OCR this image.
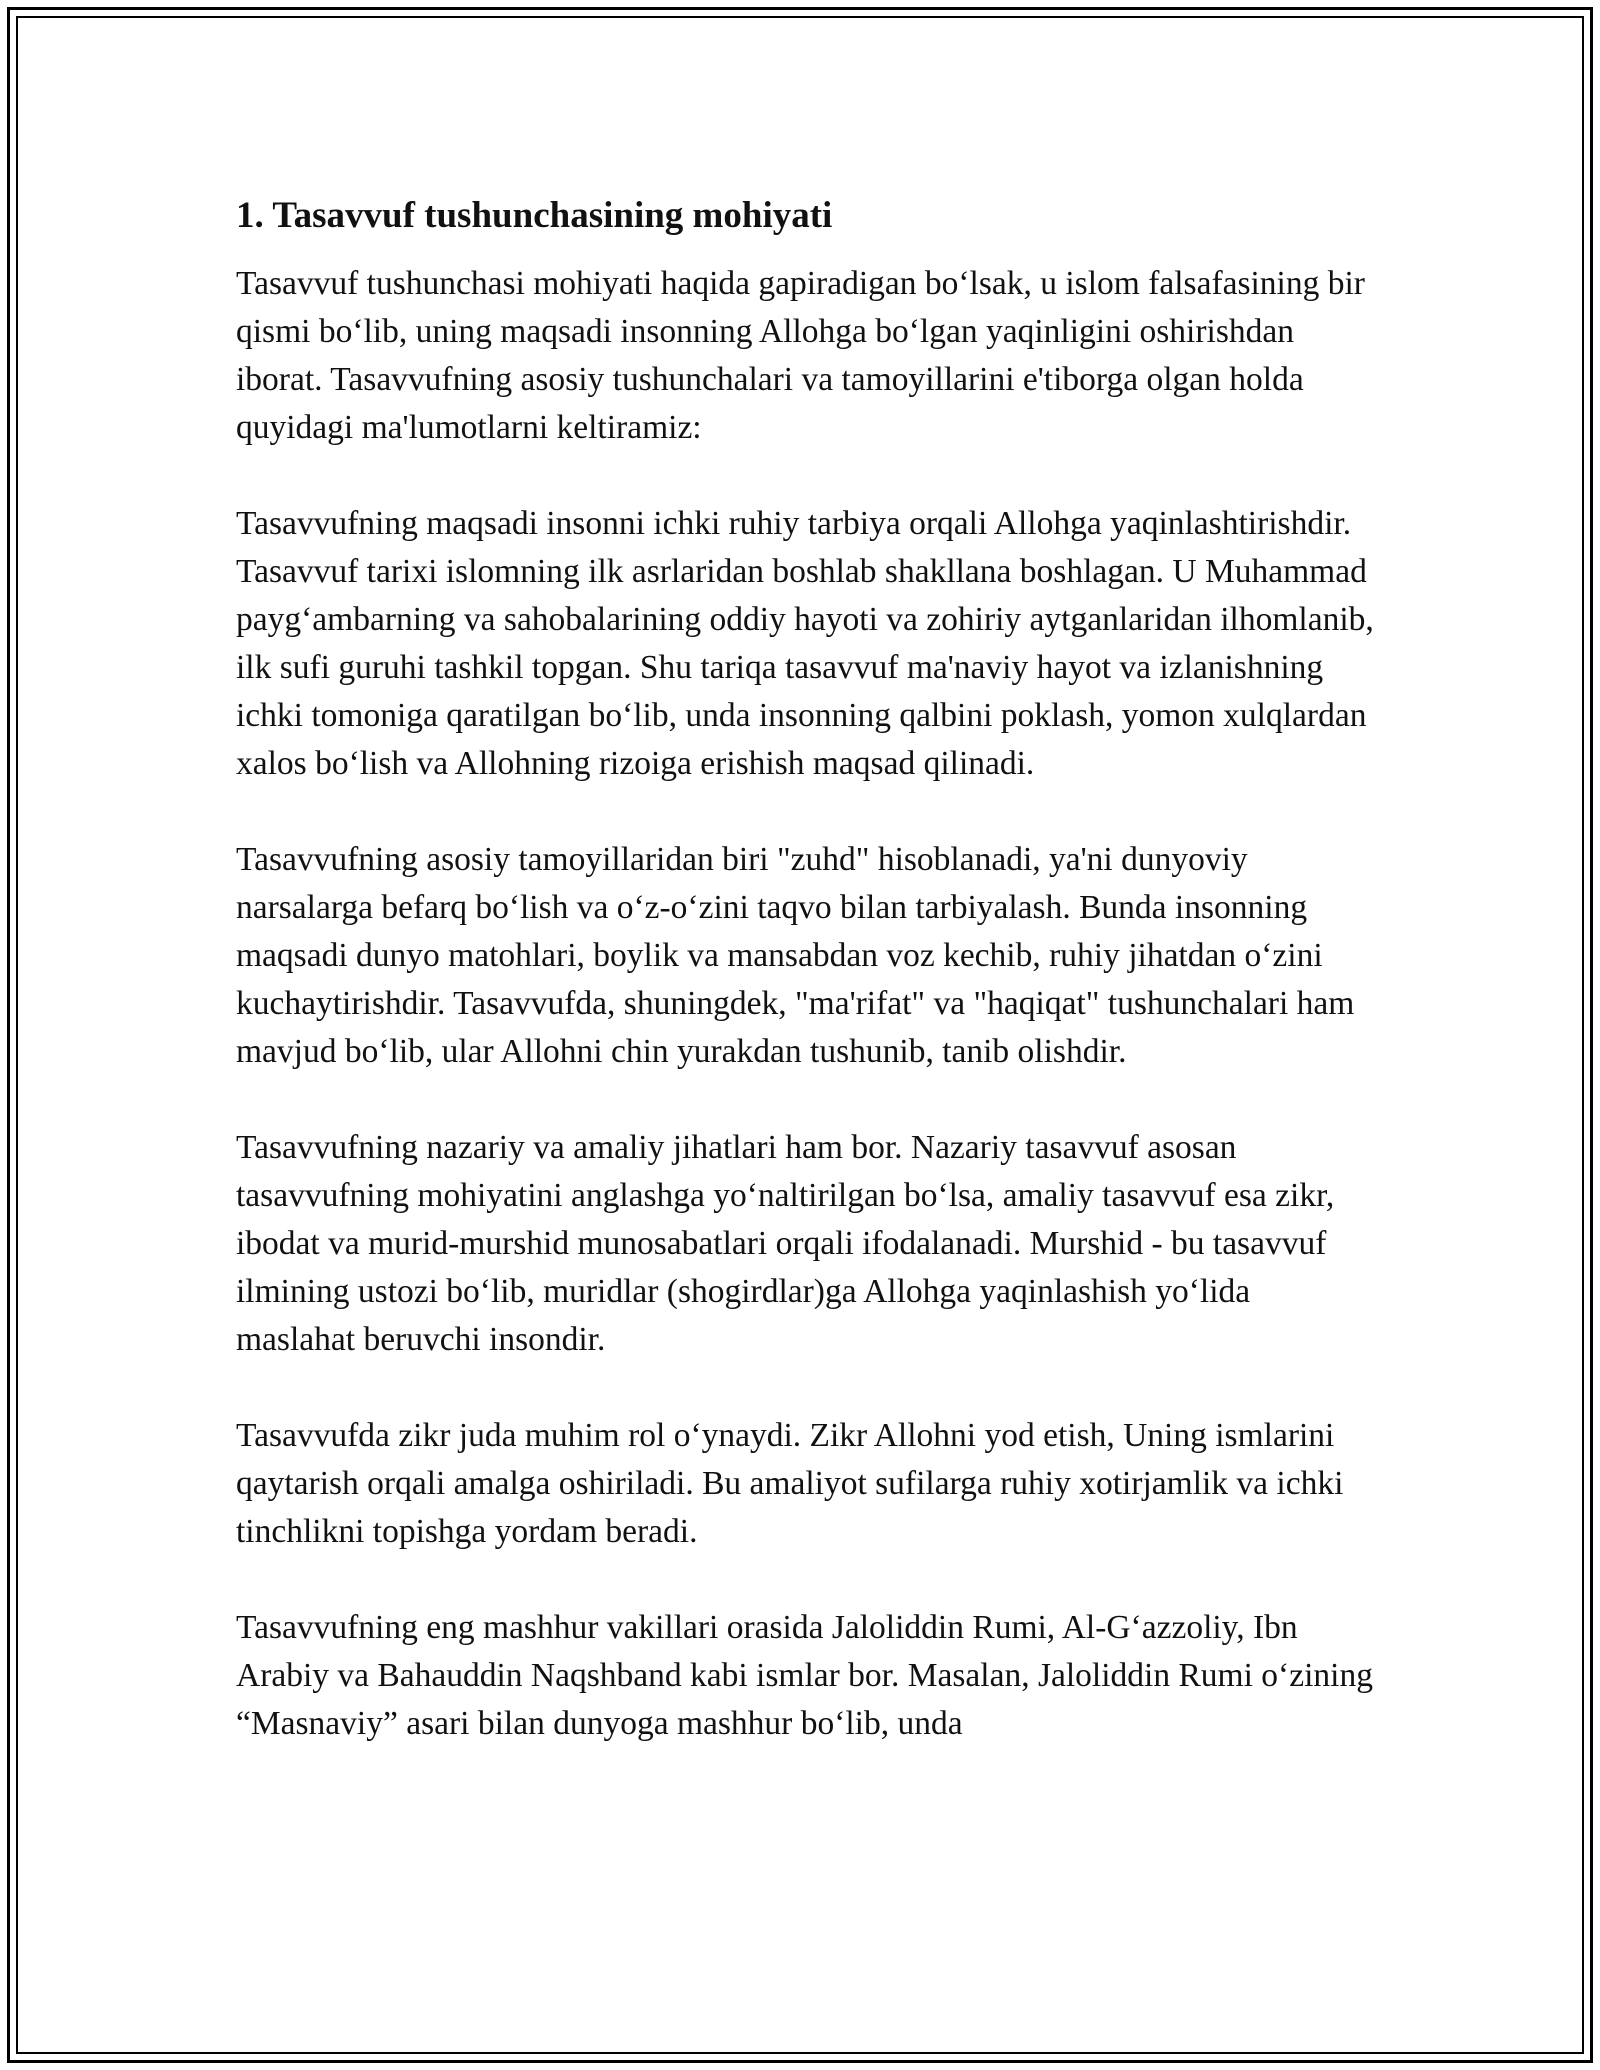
1. Tasavvuf tushunchasining mohiyati

Tasavvuf tushunchasi mohiyati haqida gapiradigan bo‘lsak, u islom falsafasining bir qismi bo‘lib, uning maqsadi insonning Allohga bo‘lgan yaqinligini oshirishdan iborat. Tasavvufning asosiy tushunchalari va tamoyillarini e'tiborga olgan holda quyidagi ma'lumotlarni keltiramiz:

Tasavvufning maqsadi insonni ichki ruhiy tarbiya orqali Allohga yaqinlashtirishdir. Tasavvuf tarixi islomning ilk asrlaridan boshlab shakllana boshlagan. U Muhammad payg‘ambarning va sahobalarining oddiy hayoti va zohiriy aytganlaridan ilhomlanib, ilk sufi guruhi tashkil topgan. Shu tariqa tasavvuf ma'naviy hayot va izlanishning ichki tomoniga qaratilgan bo‘lib, unda insonning qalbini poklash, yomon xulqlardan xalos bo‘lish va Allohning rizoiga erishish maqsad qilinadi.

Tasavvufning asosiy tamoyillaridan biri "zuhd" hisoblanadi, ya'ni dunyoviy narsalarga befarq bo‘lish va o‘z-o‘zini taqvo bilan tarbiyalash. Bunda insonning maqsadi dunyo matohlari, boylik va mansabdan voz kechib, ruhiy jihatdan o‘zini kuchaytirishdir. Tasavvufda, shuningdek, "ma'rifat" va "haqiqat" tushunchalari ham mavjud bo‘lib, ular Allohni chin yurakdan tushunib, tanib olishdir.

Tasavvufning nazariy va amaliy jihatlari ham bor. Nazariy tasavvuf asosan tasavvufning mohiyatini anglashga yo‘naltirilgan bo‘lsa, amaliy tasavvuf esa zikr, ibodat va murid-murshid munosabatlari orqali ifodalanadi. Murshid - bu tasavvuf ilmining ustozi bo‘lib, muridlar (shogirdlar)ga Allohga yaqinlashish yo‘lida maslahat beruvchi insondir.

Tasavvufda zikr juda muhim rol o‘ynaydi. Zikr Allohni yod etish, Uning ismlarini qaytarish orqali amalga oshiriladi. Bu amaliyot sufilarga ruhiy xotirjamlik va ichki tinchlikni topishga yordam beradi.

Tasavvufning eng mashhur vakillari orasida Jaloliddin Rumi, Al-G‘azzoliy, Ibn Arabiy va Bahauddin Naqshband kabi ismlar bor. Masalan, Jaloliddin Rumi o‘zining “Masnaviy” asari bilan dunyoga mashhur bo‘lib, unda
